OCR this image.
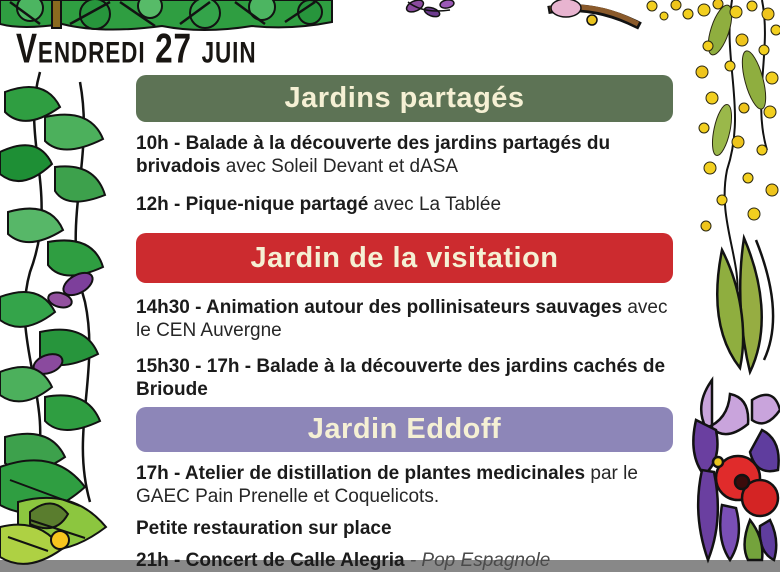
Vendredi 27 juin
Jardins partagés

10h - Balade à la découverte des jardins partagés du brivadois avec Soleil Devant et dASA

12h - Pique-nique partagé avec La Tablée

Jardin de la visitation

14h30 - Animation autour des pollinisateurs sauvages avec le CEN Auvergne

15h30 - 17h - Balade à la découverte des jardins cachés de Brioude

Jardin Eddoff

17h - Atelier de distillation de plantes medicinales par le GAEC Pain Prenelle et Coquelicots.

Petite restauration sur place

21h - Concert de Calle Alegria - Pop Espagnole
